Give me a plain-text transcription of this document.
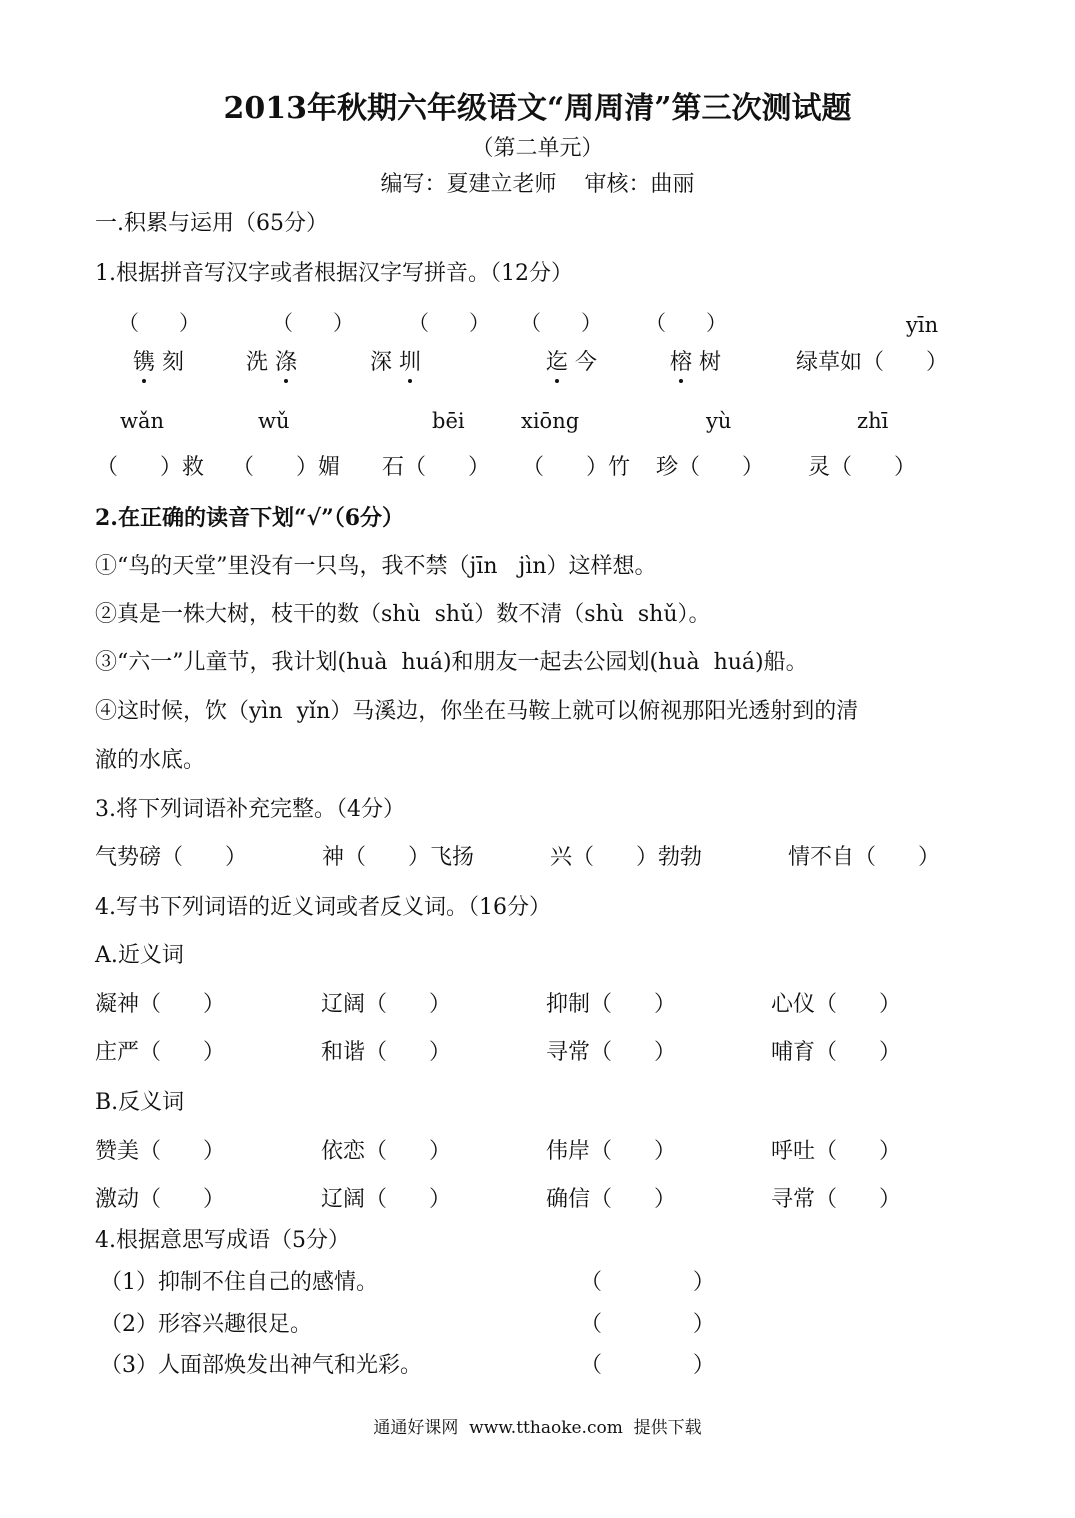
2013年秋期六年级语文“周周清”第三次测试题
（第二单元）
编写：夏建立老师    审核：曲丽
一.积累与运用（65分）
1.根据拼音写汉字或者根据汉字写拼音。（12分）
（      ）	（      ）	（      ） （      ） （      ）	yīn
镌 刻	洗 涤	深 圳	迄 今	榕 树	绿草如（      ）
wǎn	wǔ	bēi	xiōng	yù	zhī
（      ）救 （      ）媚 石（      ） （      ）竹 珍（      ） 灵（      ）
2.在正确的读音下划“√”（6分）
①“鸟的天堂”里没有一只鸟，我不禁（jīn   jìn）这样想。
②真是一株大树，枝干的数（shù  shǔ）数不清（shù  shǔ）。
③“六一”儿童节，我计划(huà  huá)和朋友一起去公园划(huà  huá)船。
④这时候，饮（yìn  yǐn）马溪边，你坐在马鞍上就可以俯视那阳光透射到的清
澈的水底。
3.将下列词语补充完整。（4分）
气势磅（      ）	神（      ）飞扬	兴（      ）勃勃	情不自（      ）
4.写书下列词语的近义词或者反义词。（16分）
A.近义词
凝神（      ）	辽阔（      ）	抑制（      ）	心仪（      ）
庄严（      ）	和谐（      ）	寻常（      ）	哺育（      ）
B.反义词
赞美（      ）	依恋（      ）	伟岸（      ）	呼吐（      ）
激动（      ）	辽阔（      ）	确信（      ）	寻常（      ）
4.根据意思写成语（5分）
（1）抑制不住自己的感情。	（             ）
（2）形容兴趣很足。	（             ）
（3）人面部焕发出神气和光彩。	（             ）
通通好课网  www.tthaoke.com  提供下载
